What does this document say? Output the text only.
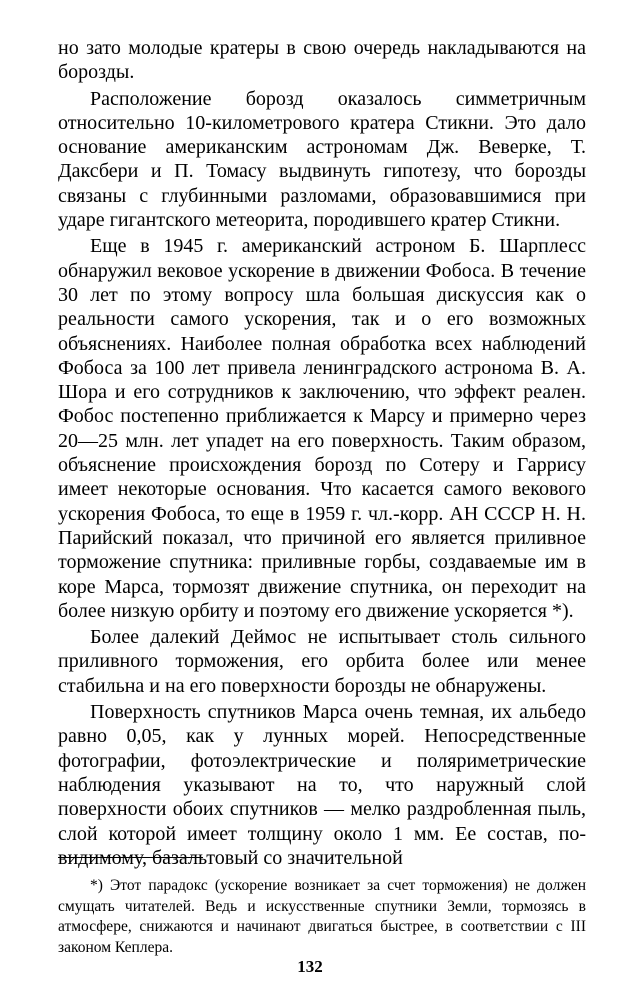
но зато молодые кратеры в свою очередь накладываются на борозды.

Расположение борозд оказалось симметричным относительно 10-километрового кратера Стикни. Это дало основание американским астрономам Дж. Веверке, Т. Даксбери и П. Томасу выдвинуть гипотезу, что борозды связаны с глубинными разломами, образовавшимися при ударе гигантского метеорита, породившего кратер Стикни.

Еще в 1945 г. американский астроном Б. Шарплесс обнаружил вековое ускорение в движении Фобоса. В течение 30 лет по этому вопросу шла большая дискуссия как о реальности самого ускорения, так и о его возможных объяснениях. Наиболее полная обработка всех наблюдений Фобоса за 100 лет привела ленинградского астронома В. А. Шора и его сотрудников к заключению, что эффект реален. Фобос постепенно приближается к Марсу и примерно через 20—25 млн. лет упадет на его поверхность. Таким образом, объяснение происхождения борозд по Сотеру и Гаррису имеет некоторые основания. Что касается самого векового ускорения Фобоса, то еще в 1959 г. чл.-корр. АН СССР Н. Н. Парийский показал, что причиной его является приливное торможение спутника: приливные горбы, создаваемые им в коре Марса, тормозят движение спутника, он переходит на более низкую орбиту и поэтому его движение ускоряется *).

Более далекий Деймос не испытывает столь сильного приливного торможения, его орбита более или менее стабильна и на его поверхности борозды не обнаружены.

Поверхность спутников Марса очень темная, их альбедо равно 0,05, как у лунных морей. Непосредственные фотографии, фотоэлектрические и поляриметрические наблюдения указывают на то, что наружный слой поверхности обоих спутников — мелко раздробленная пыль, слой которой имеет толщину около 1 мм. Ее состав, по-видимому, базальтовый со значительной

*) Этот парадокс (ускорение возникает за счет торможения) не должен смущать читателей. Ведь и искусственные спутники Земли, тормозясь в атмосфере, снижаются и начинают двигаться быстрее, в соответствии с III законом Кеплера.

132
